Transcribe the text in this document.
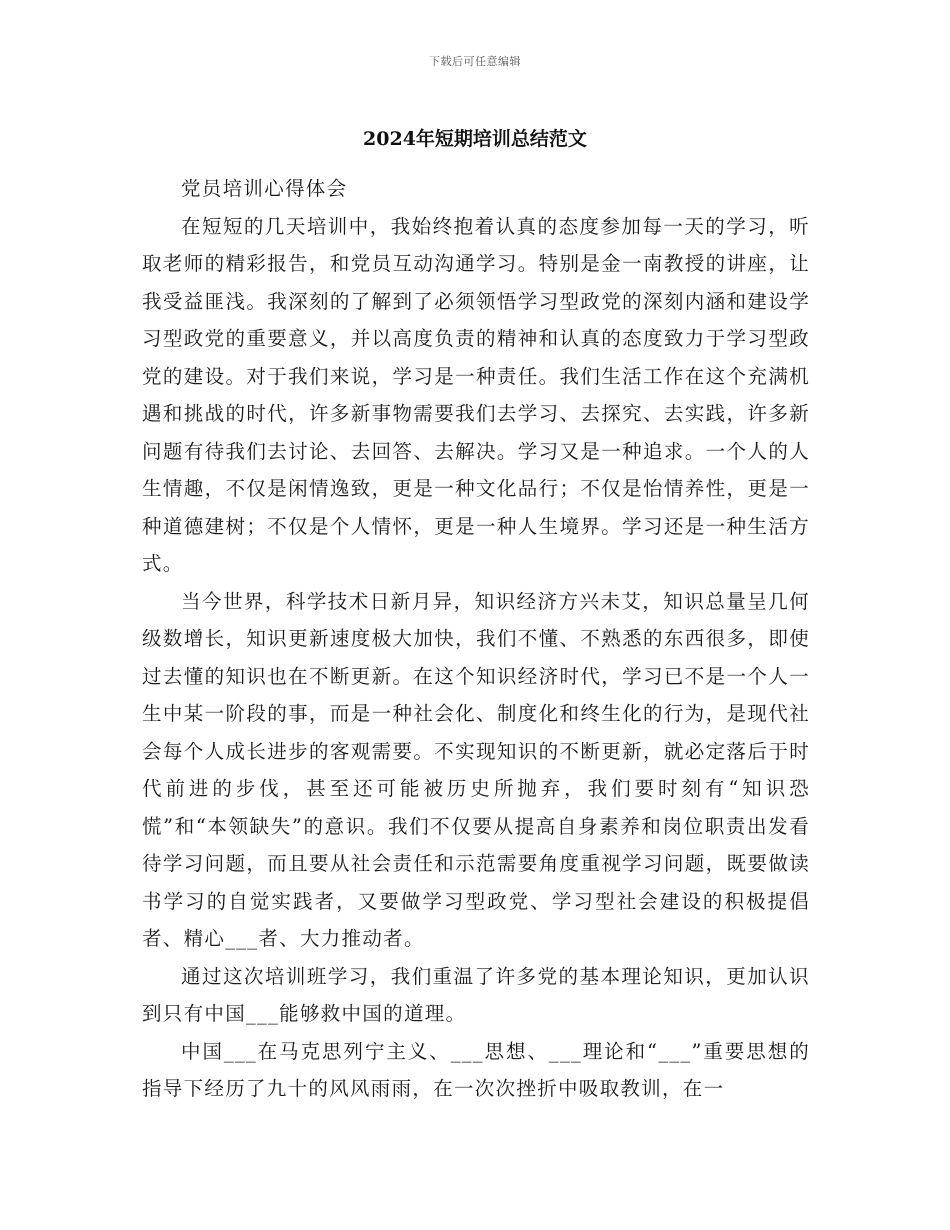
下载后可任意编辑
2024年短期培训总结范文

党员培训心得体会

在短短的几天培训中，我始终抱着认真的态度参加每一天的学习，听取老师的精彩报告，和党员互动沟通学习。特别是金一南教授的讲座，让我受益匪浅。我深刻的了解到了必须领悟学习型政党的深刻内涵和建设学习型政党的重要意义，并以高度负责的精神和认真的态度致力于学习型政党的建设。对于我们来说，学习是一种责任。我们生活工作在这个充满机遇和挑战的时代，许多新事物需要我们去学习、去探究、去实践，许多新问题有待我们去讨论、去回答、去解决。学习又是一种追求。一个人的人生情趣，不仅是闲情逸致，更是一种文化品行；不仅是怡情养性，更是一种道德建树；不仅是个人情怀，更是一种人生境界。学习还是一种生活方式。

当今世界，科学技术日新月异，知识经济方兴未艾，知识总量呈几何级数增长，知识更新速度极大加快，我们不懂、不熟悉的东西很多，即使过去懂的知识也在不断更新。在这个知识经济时代，学习已不是一个人一生中某一阶段的事，而是一种社会化、制度化和终生化的行为，是现代社会每个人成长进步的客观需要。不实现知识的不断更新，就必定落后于时代前进的步伐，甚至还可能被历史所抛弃，我们要时刻有“知识恐慌”和“本领缺失”的意识。我们不仅要从提高自身素养和岗位职责出发看待学习问题，而且要从社会责任和示范需要角度重视学习问题，既要做读书学习的自觉实践者，又要做学习型政党、学习型社会建设的积极提倡者、精心___者、大力推动者。

通过这次培训班学习，我们重温了许多党的基本理论知识，更加认识到只有中国___能够救中国的道理。

中国___在马克思列宁主义、___思想、___理论和“___”重要思想的指导下经历了九十的风风雨雨，在一次次挫折中吸取教训，在一
